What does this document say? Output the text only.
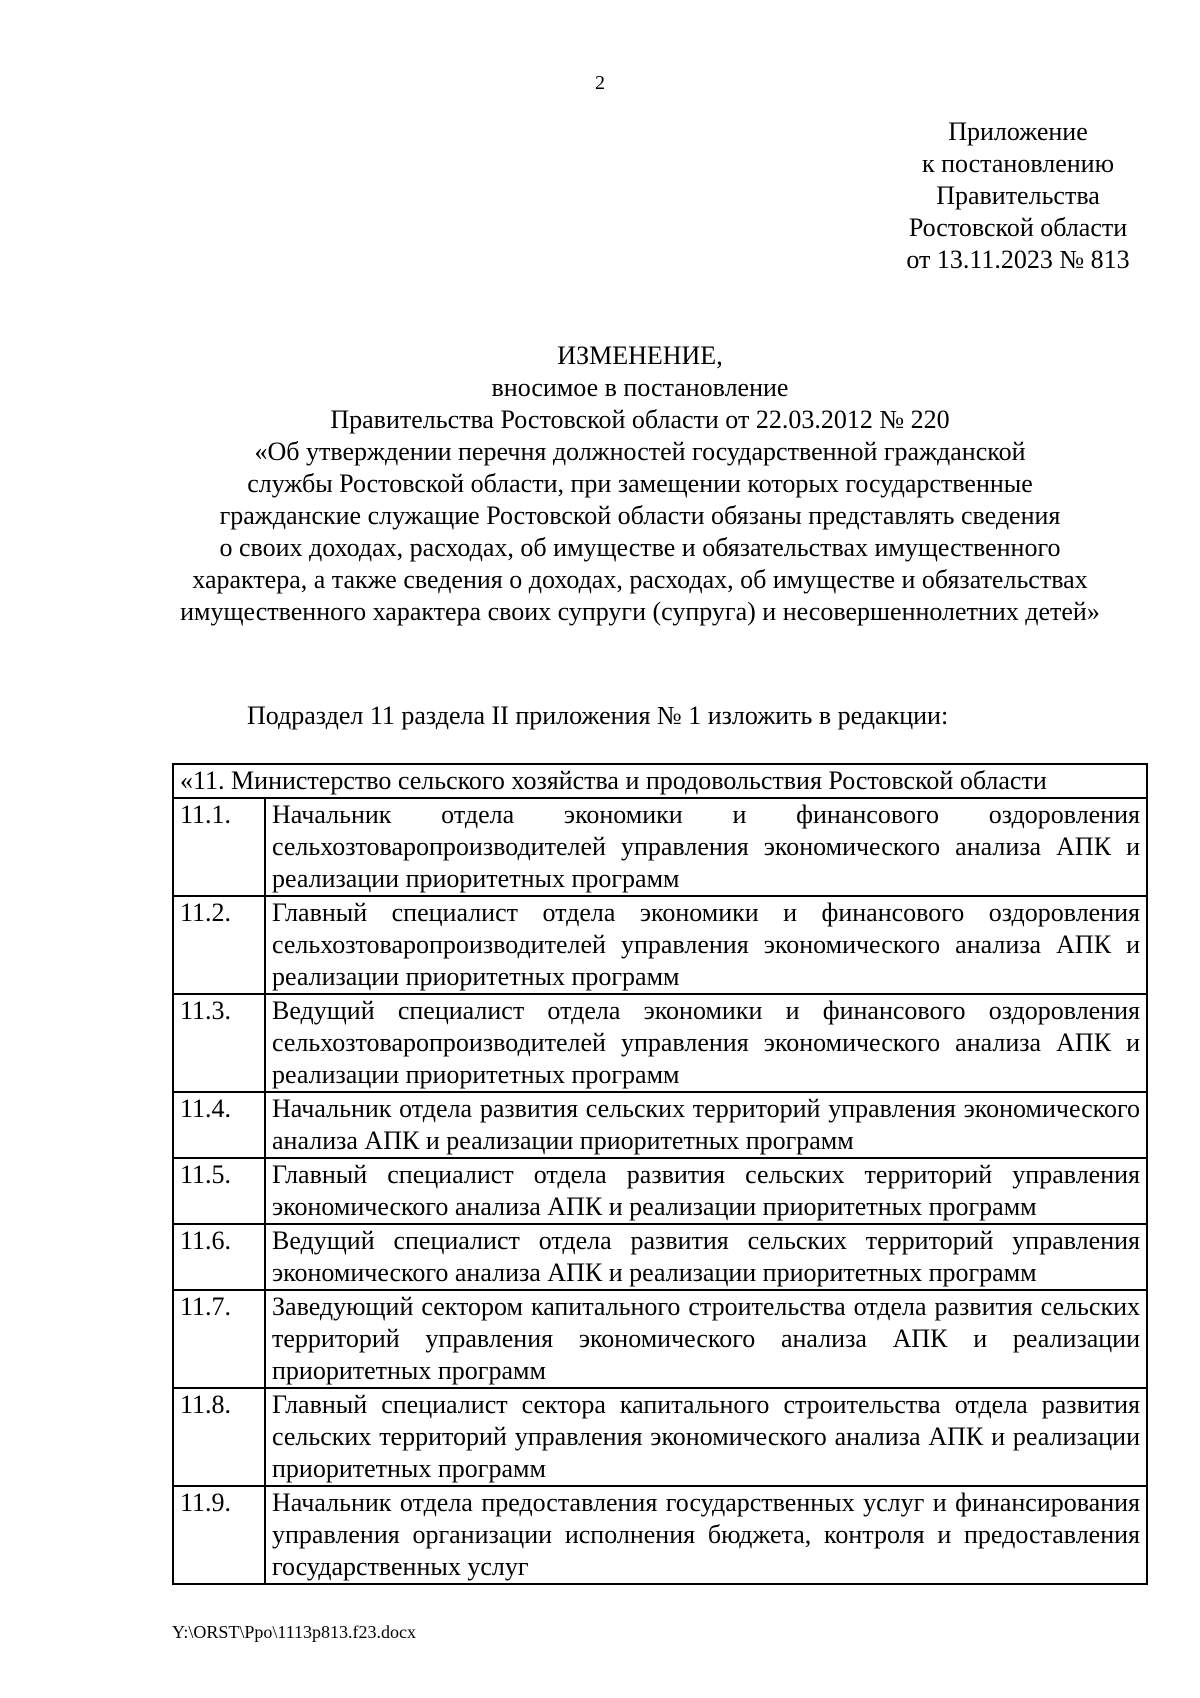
2
Приложение
к постановлению
Правительства
Ростовской области
от 13.11.2023 № 813
ИЗМЕНЕНИЕ,
вносимое в постановление
Правительства Ростовской области от 22.03.2012 № 220
«Об утверждении перечня должностей государственной гражданской
службы Ростовской области, при замещении которых государственные
гражданские служащие Ростовской области обязаны представлять сведения
о своих доходах, расходах, об имуществе и обязательствах имущественного
характера, а также сведения о доходах, расходах, об имуществе и обязательствах
имущественного характера своих супруги (супруга) и несовершеннолетних детей»
Подраздел 11 раздела II приложения № 1 изложить в редакции:
«11. Министерство сельского хозяйства и продовольствия Ростовской области	
11.1.	Начальник отдела экономики и финансового оздоровления сельхозтоваропроизводителей управления экономического анализа АПК и реализации приоритетных программ
11.2.	Главный специалист отдела экономики и финансового оздоровления сельхозтоваропроизводителей управления экономического анализа АПК и реализации приоритетных программ
11.3.	Ведущий специалист отдела экономики и финансового оздоровления сельхозтоваропроизводителей управления экономического анализа АПК и реализации приоритетных программ
11.4.	Начальник отдела развития сельских территорий управления экономического анализа АПК и реализации приоритетных программ
11.5.	Главный специалист отдела развития сельских территорий управления экономического анализа АПК и реализации приоритетных программ
11.6.	Ведущий специалист отдела развития сельских территорий управления экономического анализа АПК и реализации приоритетных программ
11.7.	Заведующий сектором капитального строительства отдела развития сельских территорий управления экономического анализа АПК и реализации приоритетных программ
11.8.	Главный специалист сектора капитального строительства отдела развития сельских территорий управления экономического анализа АПК и реализации приоритетных программ
11.9.	Начальник отдела предоставления государственных услуг и финансирования управления организации исполнения бюджета, контроля и предоставления государственных услуг
Y:\ORST\Ppo\1113p813.f23.docx
